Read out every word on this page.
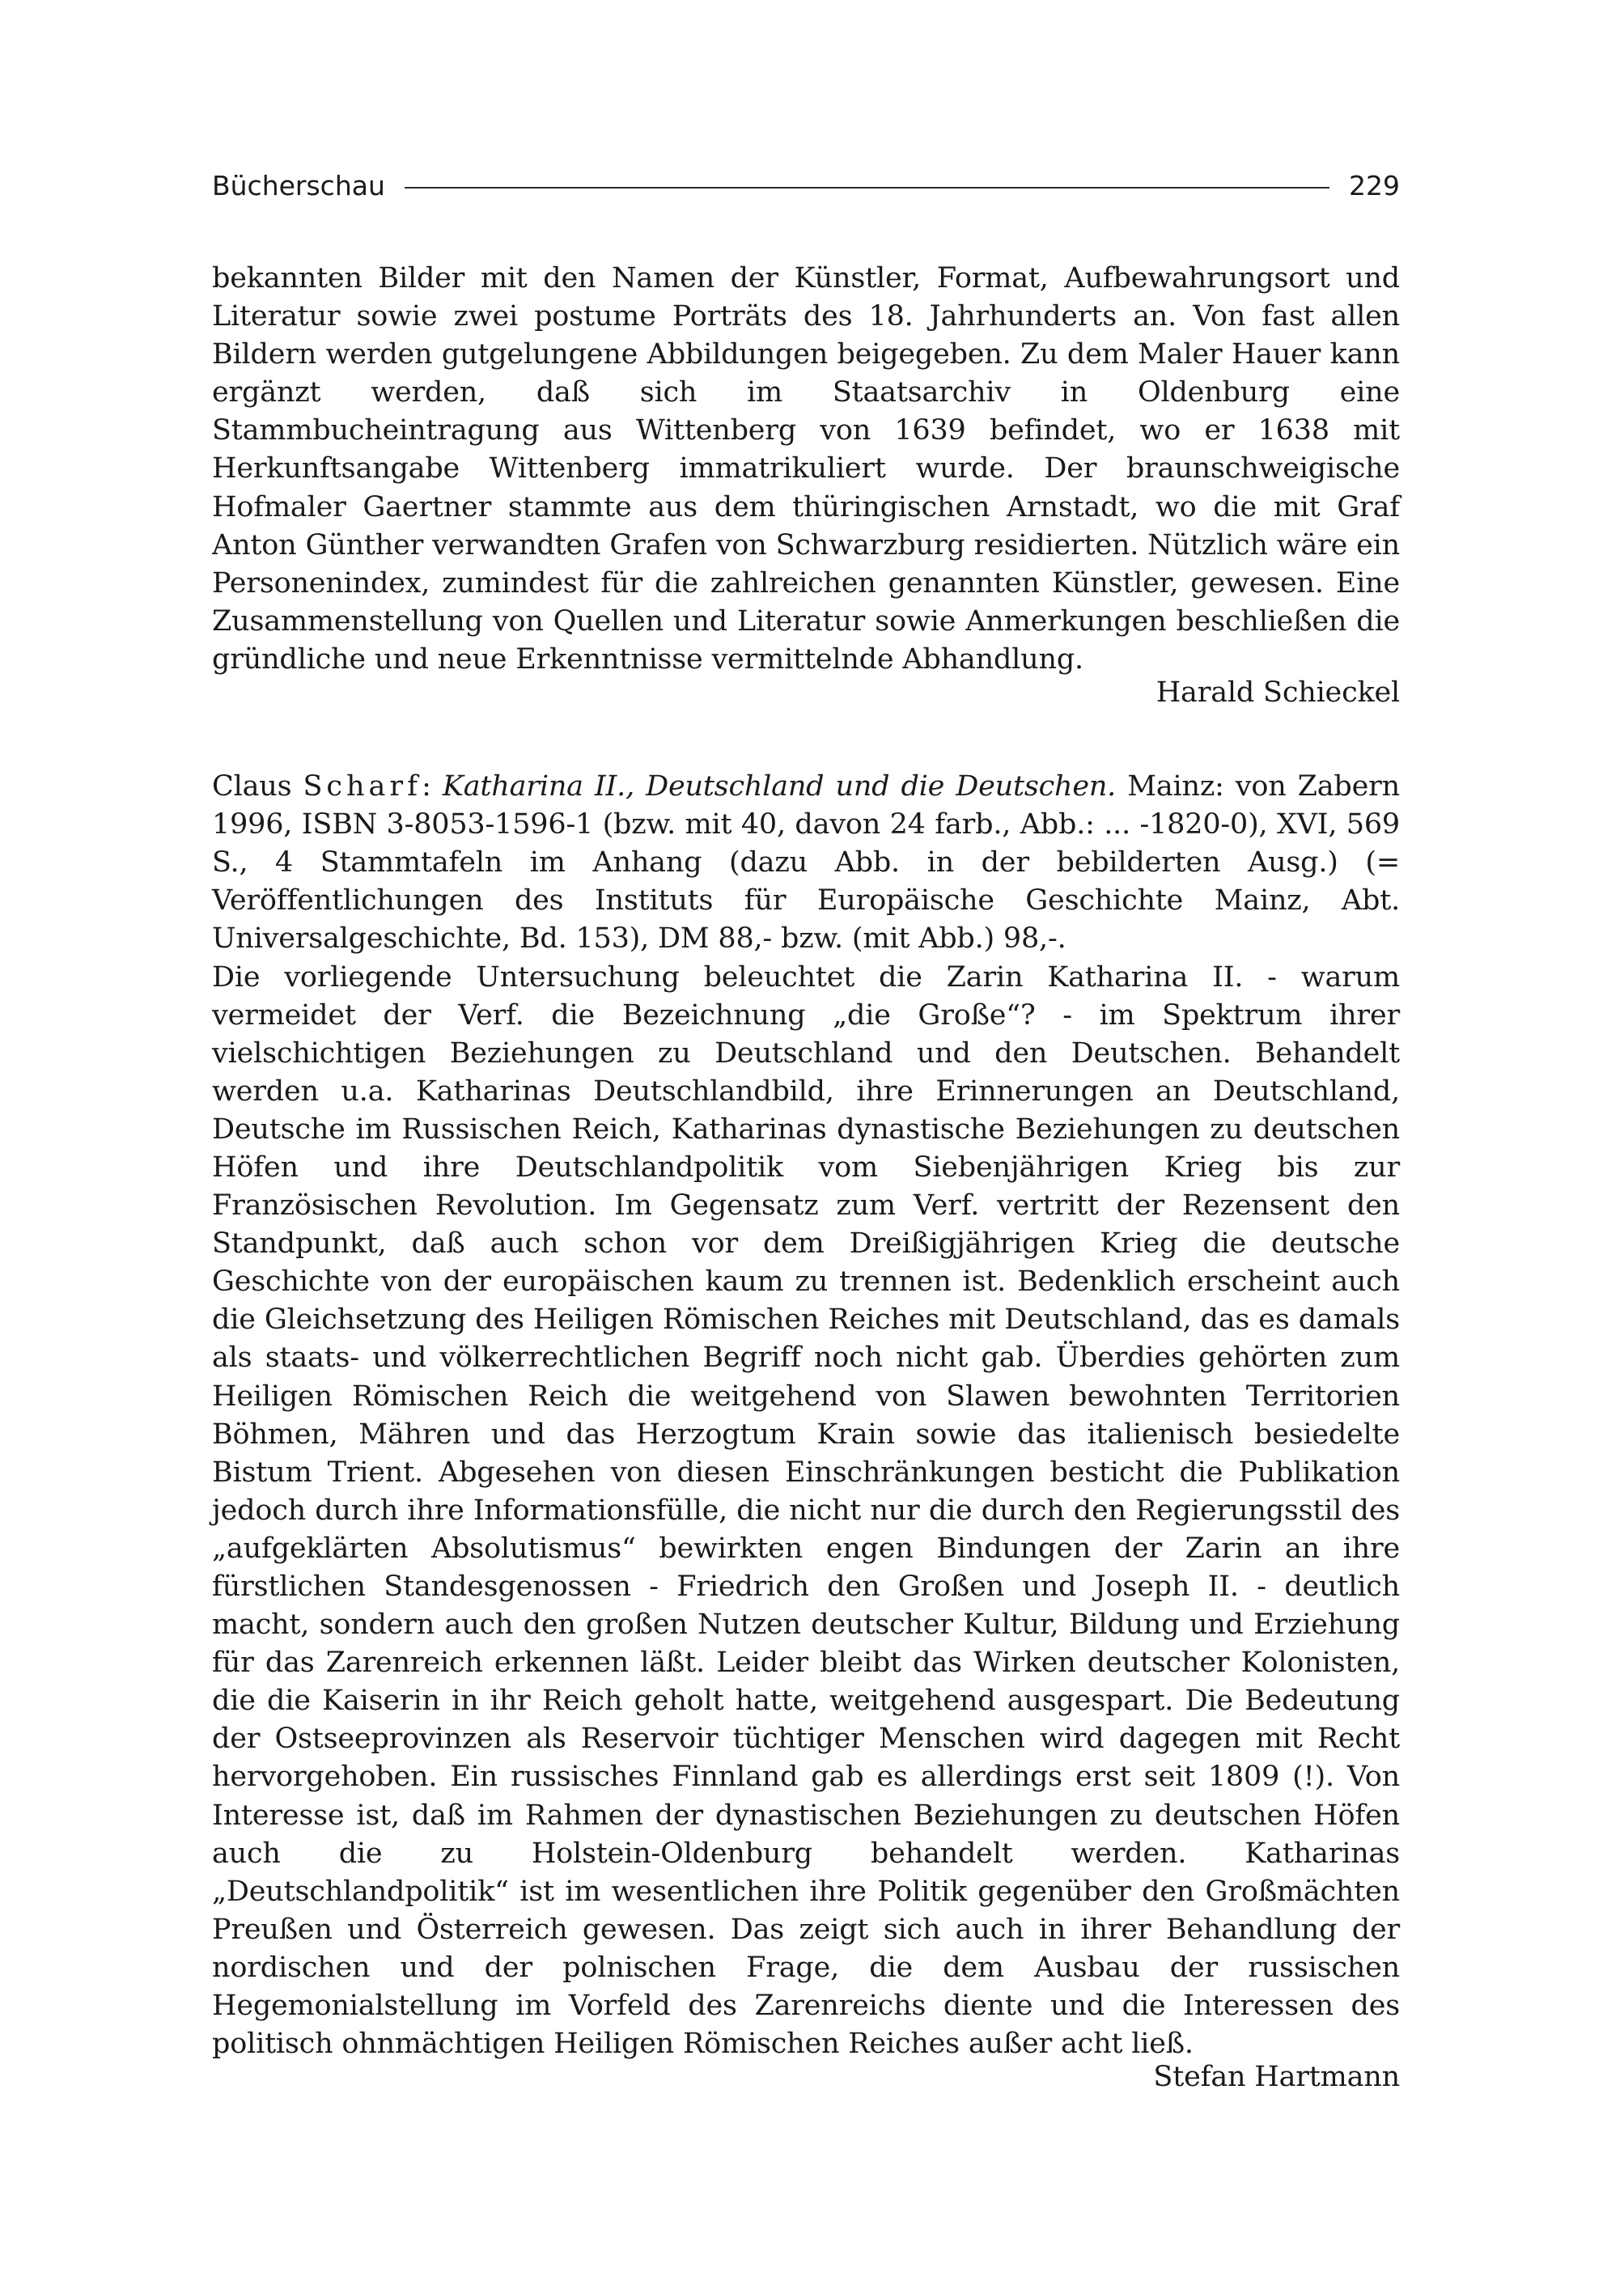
Bücherschau	229

bekannten Bilder mit den Namen der Künstler, Format, Aufbewahrungsort und Literatur sowie zwei postume Porträts des 18. Jahrhunderts an. Von fast allen Bildern werden gutgelungene Abbildungen beigegeben. Zu dem Maler Hauer kann ergänzt werden, daß sich im Staatsarchiv in Oldenburg eine Stammbucheintragung aus Wittenberg von 1639 befindet, wo er 1638 mit Herkunftsangabe Wittenberg immatrikuliert wurde. Der braunschweigische Hofmaler Gaertner stammte aus dem thüringischen Arnstadt, wo die mit Graf Anton Günther verwandten Grafen von Schwarzburg residierten. Nützlich wäre ein Personenindex, zumindest für die zahlreichen genannten Künstler, gewesen. Eine Zusammenstellung von Quellen und Literatur sowie Anmerkungen beschließen die gründliche und neue Erkenntnisse vermittelnde Abhandlung.

Harald Schieckel

Claus Scharf: Katharina II., Deutschland und die Deutschen. Mainz: von Zabern 1996, ISBN 3-8053-1596-1 (bzw. mit 40, davon 24 farb., Abb.: ... -1820-0), XVI, 569 S., 4 Stammtafeln im Anhang (dazu Abb. in der bebilderten Ausg.) (= Veröffentlichungen des Instituts für Europäische Geschichte Mainz, Abt. Universalgeschichte, Bd. 153), DM 88,- bzw. (mit Abb.) 98,-.

Die vorliegende Untersuchung beleuchtet die Zarin Katharina II. - warum vermeidet der Verf. die Bezeichnung „die Große“? - im Spektrum ihrer vielschichtigen Beziehungen zu Deutschland und den Deutschen. Behandelt werden u.a. Katharinas Deutschlandbild, ihre Erinnerungen an Deutschland, Deutsche im Russischen Reich, Katharinas dynastische Beziehungen zu deutschen Höfen und ihre Deutschlandpolitik vom Siebenjährigen Krieg bis zur Französischen Revolution. Im Gegensatz zum Verf. vertritt der Rezensent den Standpunkt, daß auch schon vor dem Dreißigjährigen Krieg die deutsche Geschichte von der europäischen kaum zu trennen ist. Bedenklich erscheint auch die Gleichsetzung des Heiligen Römischen Reiches mit Deutschland, das es damals als staats- und völkerrechtlichen Begriff noch nicht gab. Überdies gehörten zum Heiligen Römischen Reich die weitgehend von Slawen bewohnten Territorien Böhmen, Mähren und das Herzogtum Krain sowie das italienisch besiedelte Bistum Trient. Abgesehen von diesen Einschränkungen besticht die Publikation jedoch durch ihre Informationsfülle, die nicht nur die durch den Regierungsstil des „aufgeklärten Absolutismus“ bewirkten engen Bindungen der Zarin an ihre fürstlichen Standesgenossen - Friedrich den Großen und Joseph II. - deutlich macht, sondern auch den großen Nutzen deutscher Kultur, Bildung und Erziehung für das Zarenreich erkennen läßt. Leider bleibt das Wirken deutscher Kolonisten, die die Kaiserin in ihr Reich geholt hatte, weitgehend ausgespart. Die Bedeutung der Ostseeprovinzen als Reservoir tüchtiger Menschen wird dagegen mit Recht hervorgehoben. Ein russisches Finnland gab es allerdings erst seit 1809 (!). Von Interesse ist, daß im Rahmen der dynastischen Beziehungen zu deutschen Höfen auch die zu Holstein-Oldenburg behandelt werden. Katharinas „Deutschlandpolitik“ ist im wesentlichen ihre Politik gegenüber den Großmächten Preußen und Österreich gewesen. Das zeigt sich auch in ihrer Behandlung der nordischen und der polnischen Frage, die dem Ausbau der russischen Hegemonialstellung im Vorfeld des Zarenreichs diente und die Interessen des politisch ohnmächtigen Heiligen Römischen Reiches außer acht ließ.

Stefan Hartmann
